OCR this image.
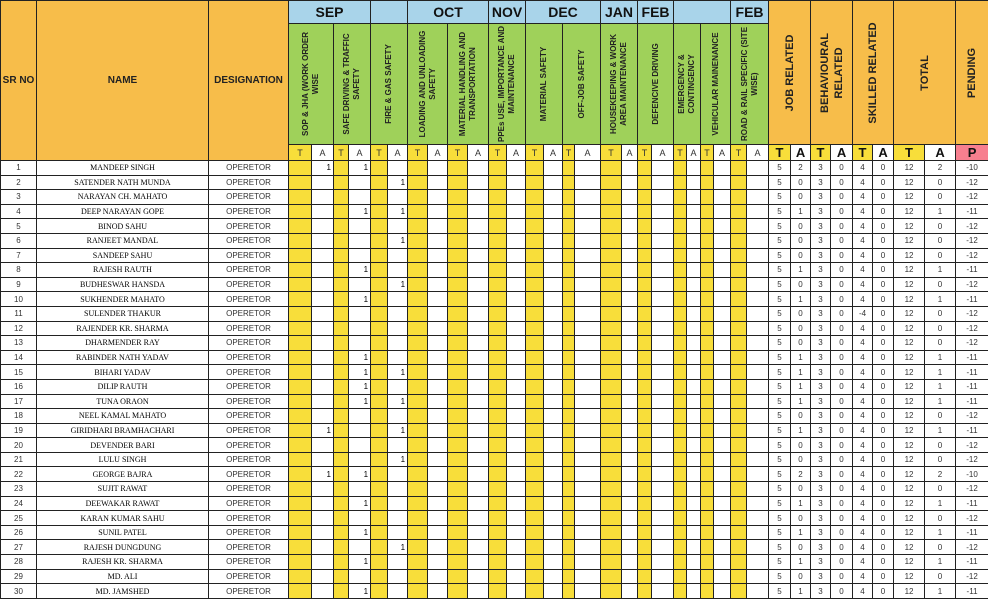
SR NO	NAME	DESIGNATION	SEP						OCT				NOV		DEC				JAN		FEB						FEB		JOB RELATED		BEHAVIOURAL RELATED		SKILLED RELATED		TOTAL		PENDING

			SOP & JHA (WORK ORDER WISE		SAFE DRIVING & TRAFFIC SAFETY		FIRE & GAS SAFETY		LOADING AND UNLOADING SAFETY		MATERIAL HANDLING AND TRANSPORTATION		PPEs USE, IMPORTANCE AND MAINTENANCE		MATERIAL SAFETY		OFF-JOB SAFETY		HOUSEKEEPING & WORK AREA MAINTENANCE		DEFENCIVE DRIVING		EMERGENCY & CONTINGENCY		VEHICULAR MAINENANCE		ROAD & RAIL SPECIFIC (SITE WISE)										

			T	A	T	A	T	A	T	A	T	A	T	A	T	A	T	A	T	A	T	A	T	A	T	A	T	A	T	A	T	A	T	A	T	A	P
1	MANDEEP SINGH	OPERETOR		1		1																							5	2	3	0	4	0	12	2	-10
2	SATENDER NATH MUNDA	OPERETOR						1																					5	0	3	0	4	0	12	0	-12
3	NARAYAN CH. MAHATO	OPERETOR																											5	0	3	0	4	0	12	0	-12
4	DEEP NARAYAN GOPE	OPERETOR				1		1																					5	1	3	0	4	0	12	1	-11
5	BINOD SAHU	OPERETOR																											5	0	3	0	4	0	12	0	-12
6	RANJEET MANDAL	OPERETOR						1																					5	0	3	0	4	0	12	0	-12
7	SANDEEP SAHU	OPERETOR																											5	0	3	0	4	0	12	0	-12
8	RAJESH RAUTH	OPERETOR				1																							5	1	3	0	4	0	12	1	-11
9	BUDHESWAR HANSDA	OPERETOR						1																					5	0	3	0	4	0	12	0	-12
10	SUKHENDER MAHATO	OPERETOR				1																							5	1	3	0	4	0	12	1	-11
11	SULENDER THAKUR	OPERETOR																											5	0	3	0	-4	0	12	0	-12
12	RAJENDER KR. SHARMA	OPERETOR																											5	0	3	0	4	0	12	0	-12
13	DHARMENDER RAY	OPERETOR																											5	0	3	0	4	0	12	0	-12
14	RABINDER NATH YADAV	OPERETOR				1																							5	1	3	0	4	0	12	1	-11
15	BIHARI YADAV	OPERETOR				1		1																					5	1	3	0	4	0	12	1	-11
16	DILIP RAUTH	OPERETOR				1																							5	1	3	0	4	0	12	1	-11
17	TUNA ORAON	OPERETOR				1		1																					5	1	3	0	4	0	12	1	-11
18	NEEL KAMAL MAHATO	OPERETOR																											5	0	3	0	4	0	12	0	-12
19	GIRIDHARI BRAMHACHARI	OPERETOR		1				1																					5	1	3	0	4	0	12	1	-11
20	DEVENDER BARI	OPERETOR																											5	0	3	0	4	0	12	0	-12
21	LULU SINGH	OPERETOR						1																					5	0	3	0	4	0	12	0	-12
22	GEORGE BAJRA	OPERETOR		1		1																							5	2	3	0	4	0	12	2	-10
23	SUJIT RAWAT	OPERETOR																											5	0	3	0	4	0	12	0	-12
24	DEEWAKAR RAWAT	OPERETOR				1																							5	1	3	0	4	0	12	1	-11
25	KARAN KUMAR SAHU	OPERETOR																											5	0	3	0	4	0	12	0	-12
26	SUNIL PATEL	OPERETOR				1																							5	1	3	0	4	0	12	1	-11
27	RAJESH DUNGDUNG	OPERETOR						1																					5	0	3	0	4	0	12	0	-12
28	RAJESH KR. SHARMA	OPERETOR				1																							5	1	3	0	4	0	12	1	-11
29	MD. ALI	OPERETOR																											5	0	3	0	4	0	12	0	-12
30	MD. JAMSHED	OPERETOR				1																							5	1	3	0	4	0	12	1	-11
